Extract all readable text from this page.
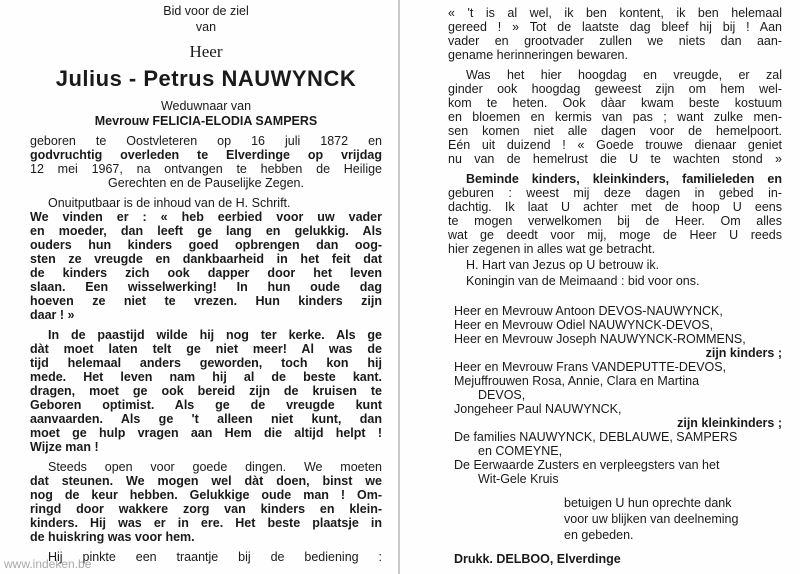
Bid voor de ziel
van
Heer
Julius - Petrus NAUWYNCK
Weduwnaar van
Mevrouw FELICIA-ELODIA SAMPERS
geboren te Oostvleteren op 16 juli 1872 en
godvruchtig overleden te Elverdinge op vrijdag
12 mei 1967, na ontvangen te hebben de Heilige
Gerechten en de Pauselijke Zegen.
Onuitputbaar is de inhoud van de H. Schrift.
We vinden er : « heb eerbied voor uw vader
en moeder, dan leeft ge lang en gelukkig. Als
ouders hun kinders goed opbrengen dan oog-
sten ze vreugde en dankbaarheid in het feit dat
de kinders zich ook dapper door het leven
slaan. Een wisselwerking! In hun oude dag
hoeven ze niet te vrezen. Hun kinders zijn
daar ! »
In de paastijd wilde hij nog ter kerke. Als ge
dàt moet laten telt ge niet meer! Al was de
tijd helemaal anders geworden, toch kon hij
mede. Het leven nam hij al de beste kant.
dragen, moet ge ook bereid zijn de kruisen te
Geboren optimist. Als ge de vreugde kunt
aanvaarden. Als ge 't alleen niet kunt, dan
moet ge hulp vragen aan Hem die altijd helpt !
Wijze man !
Steeds open voor goede dingen. We moeten
dat steunen. We mogen wel dàt doen, binst we
nog de keur hebben. Gelukkige oude man ! Om-
ringd door wakkere zorg van kinders en klein-
kinders. Hij was er in ere. Het beste plaatsje in
de huiskring was voor hem.
Hij pinkte een traantje bij de bediening :
« 't is al wel, ik ben kontent, ik ben helemaal
gereed ! » Tot de laatste dag bleef hij bij ! Aan
vader en grootvader zullen we niets dan aan-
gename herinneringen bewaren.
Was het hier hoogdag en vreugde, er zal
ginder ook hoogdag geweest zijn om hem wel-
kom te heten. Ook dàar kwam beste kostuum
en bloemen en kermis van pas ; want zulke men-
sen komen niet alle dagen voor de hemelpoort.
Eén uit duizend ! « Goede trouwe dienaar geniet
nu van de hemelrust die U te wachten stond »
Beminde kinders, kleinkinders, familieleden en
geburen : weest mij deze dagen in gebed in-
dachtig. Ik laat U achter met de hoop U eens
te mogen verwelkomen bij de Heer. Om alles
wat ge deedt voor mij, moge de Heer U reeds
hier zegenen in alles wat ge betracht.
H. Hart van Jezus op U betrouw ik.
Koningin van de Meimaand : bid voor ons.
Heer en Mevrouw Antoon DEVOS-NAUWYNCK,
Heer en Mevrouw Odiel NAUWYNCK-DEVOS,
Heer en Mevrouw Joseph NAUWYNCK-ROMMENS,
zijn kinders ;
Heer en Mevrouw Frans VANDEPUTTE-DEVOS,
Mejuffrouwen Rosa, Annie, Clara en Martina
DEVOS,
Jongeheer Paul NAUWYNCK,
zijn kleinkinders ;
De families NAUWYNCK, DEBLAUWE, SAMPERS
en COMEYNE,
De Eerwaarde Zusters en verpleegsters van het
Wit-Gele Kruis
betuigen U hun oprechte dank
voor uw blijken van deelneming
en gebeden.
Drukk. DELBOO, Elverdinge
www.indeken.be
